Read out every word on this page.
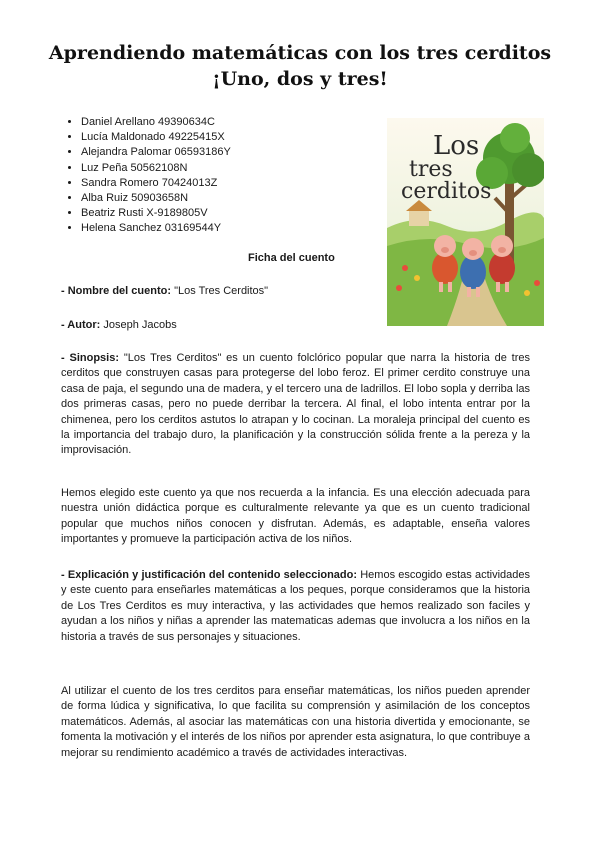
Aprendiendo matemáticas con los tres cerditos
¡Uno, dos y tres!
• Daniel Arellano 49390634C
• Lucía Maldonado 49225415X
• Alejandra Palomar 06593186Y
• Luz Peña 50562108N
• Sandra Romero 70424013Z
• Alba Ruiz 50903658N
• Beatriz Rusti X-9189805V
• Helena Sanchez 03169544Y
Los
tres
cerditos
Ficha del cuento

- Nombre del cuento: "Los Tres Cerditos"

- Autor: Joseph Jacobs

- Sinopsis: "Los Tres Cerditos" es un cuento folclórico popular que narra la historia de tres cerditos que construyen casas para protegerse del lobo feroz. El primer cerdito construye una casa de paja, el segundo una de madera, y el tercero una de ladrillos. El lobo sopla y derriba las dos primeras casas, pero no puede derribar la tercera. Al final, el lobo intenta entrar por la chimenea, pero los cerditos astutos lo atrapan y lo cocinan. La moraleja principal del cuento es la importancia del trabajo duro, la planificación y la construcción sólida frente a la pereza y la improvisación.

Hemos elegido este cuento ya que nos recuerda a la infancia. Es una elección adecuada para nuestra unión didáctica porque es culturalmente relevante ya que es un cuento tradicional popular que muchos niños conocen y disfrutan. Además, es adaptable, enseña valores importantes y promueve la participación activa de los niños.

- Explicación y justificación del contenido seleccionado: Hemos escogido estas actividades y este cuento para enseñarles matemáticas a los peques, porque consideramos que la historia de Los Tres Cerditos es muy interactiva, y las actividades que hemos realizado son faciles y ayudan a los niños y niñas a aprender las matematicas ademas que involucra a los niños en la historia a través de sus personajes y situaciones.

Al utilizar el cuento de los tres cerditos para enseñar matemáticas, los niños pueden aprender de forma lúdica y significativa, lo que facilita su comprensión y asimilación de los conceptos matemáticos. Además, al asociar las matemáticas con una historia divertida y emocionante, se fomenta la motivación y el interés de los niños por aprender esta asignatura, lo que contribuye a mejorar su rendimiento académico a través de actividades interactivas.
